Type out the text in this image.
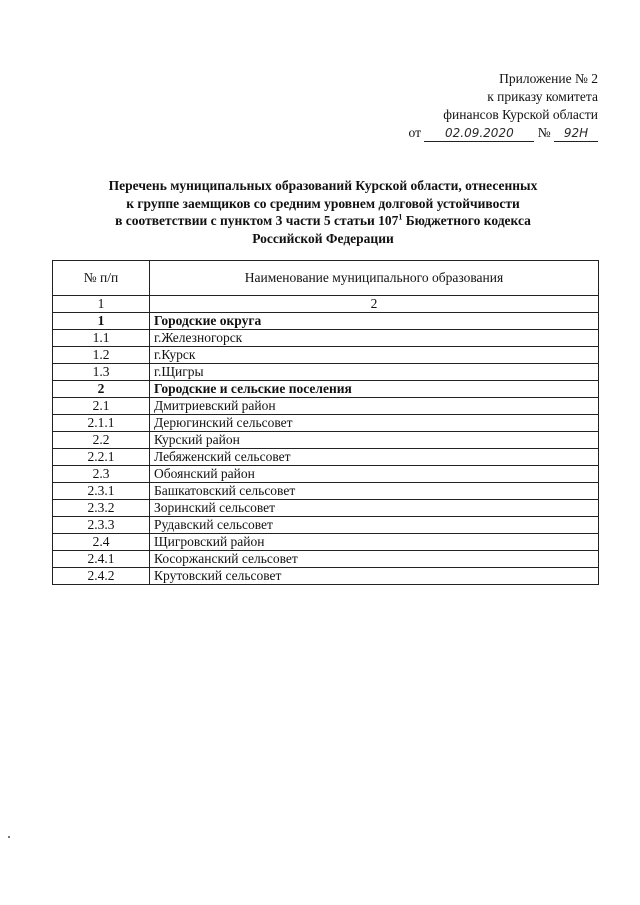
Приложение № 2
к приказу комитета
финансов Курской области
от 02.09.2020 № 92Н
Перечень муниципальных образований Курской области, отнесенных
к группе заемщиков со средним уровнем долговой устойчивости
в соответствии с пунктом 3 части 5 статьи $107^1$ Бюджетного кодекса
Российской Федерации
№ п/п	Наименование муниципального образования
1	2
1	Городские округа
1.1	г.Железногорск
1.2	г.Курск
1.3	г.Щигры
2	Городские и сельские поселения
2.1	Дмитриевский район
2.1.1	Дерюгинский сельсовет
2.2	Курский район
2.2.1	Лебяженский сельсовет
2.3	Обоянский район
2.3.1	Башкатовский сельсовет
2.3.2	Зоринский сельсовет
2.3.3	Рудавский сельсовет
2.4	Щигровский район
2.4.1	Косоржанский сельсовет
2.4.2	Крутовский сельсовет
